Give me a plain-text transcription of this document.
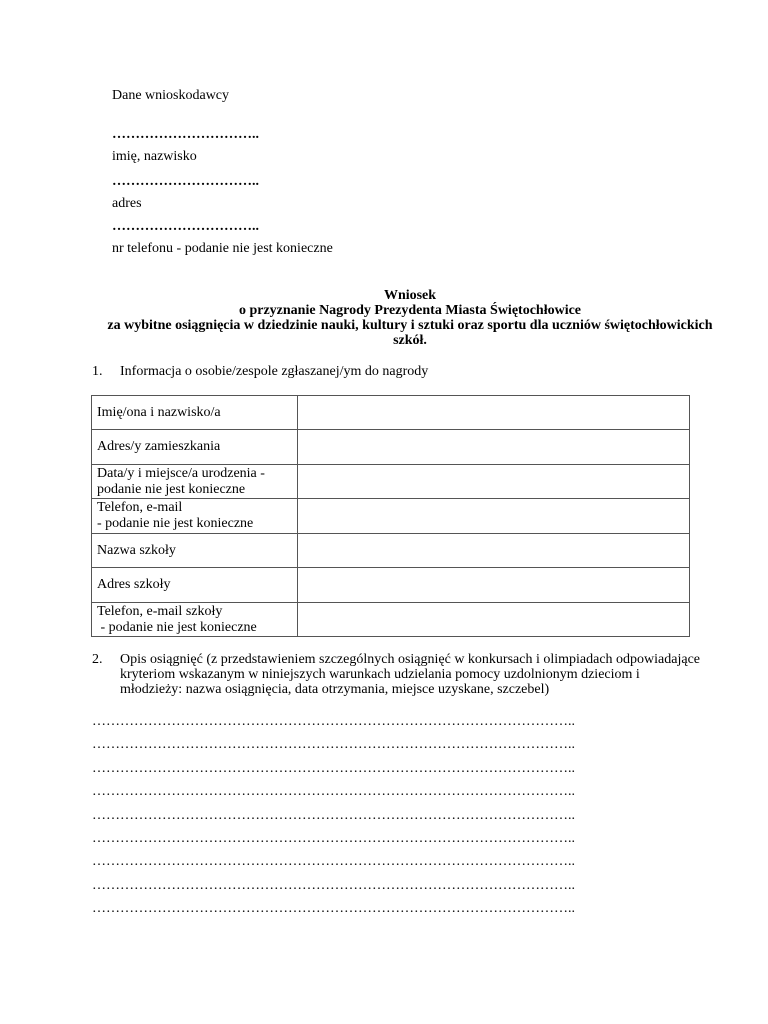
Dane wnioskodawcy
…………………………..
imię, nazwisko
…………………………..
adres
…………………………..
nr telefonu - podanie nie jest konieczne
Wniosek
o przyznanie Nagrody Prezydenta Miasta Świętochłowice
za wybitne osiągnięcia w dziedzinie nauki, kultury i sztuki oraz sportu dla uczniów świętochłowickich
szkół.
1. Informacja o osobie/zespole zgłaszanej/ym do nagrody
Imię/ona i nazwisko/a	

Adres/y zamieszkania	

Data/y i miejsce/a urodzenia -
podanie nie jest konieczne	

Telefon, e-mail
- podanie nie jest konieczne	

Nazwa szkoły	

Adres szkoły	

Telefon, e-mail szkoły
- podanie nie jest konieczne	

2. Opis osiągnięć (z przedstawieniem szczególnych osiągnięć w konkursach i olimpiadach odpowiadające
kryteriom wskazanym w niniejszych warunkach udzielania pomocy uzdolnionym dzieciom i
młodzieży: nazwa osiągnięcia, data otrzymania, miejsce uzyskane, szczebel)
…………………………………………………………………………………………..
…………………………………………………………………………………………..
…………………………………………………………………………………………..
…………………………………………………………………………………………..
…………………………………………………………………………………………..
…………………………………………………………………………………………..
…………………………………………………………………………………………..
…………………………………………………………………………………………..
…………………………………………………………………………………………..
